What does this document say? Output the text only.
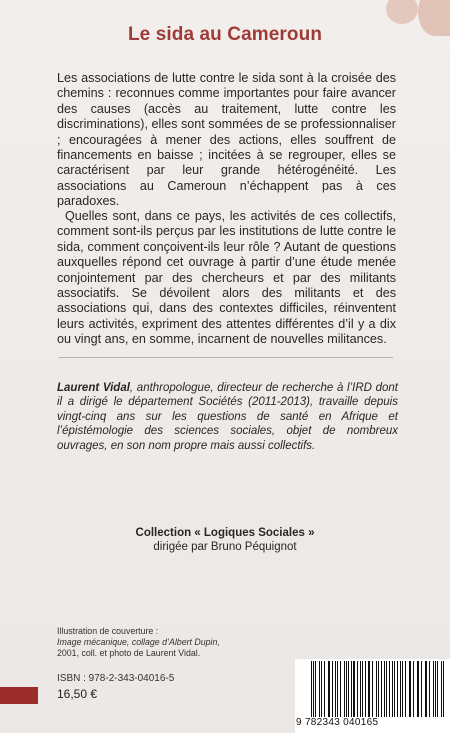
Le sida au Cameroun

Les associations de lutte contre le sida sont à la croisée des chemins : reconnues comme importantes pour faire avancer des causes (accès au traitement, lutte contre les discriminations), elles sont sommées de se professionnaliser ; encouragées à mener des actions, elles souffrent de financements en baisse ; incitées à se regrouper, elles se caractérisent par leur grande hétérogénéité. Les associations au Cameroun n’échappent pas à ces paradoxes.

Quelles sont, dans ce pays, les activités de ces collectifs, comment sont-ils perçus par les institutions de lutte contre le sida, comment conçoivent-ils leur rôle ? Autant de questions auxquelles répond cet ouvrage à partir d’une étude menée conjointement par des chercheurs et par des militants associatifs. Se dévoilent alors des militants et des associations qui, dans des contextes difficiles, réinventent leurs activités, expriment des attentes différentes d’il y a dix ou vingt ans, en somme, incarnent de nouvelles militances.

Laurent Vidal, anthropologue, directeur de recherche à l’IRD dont il a dirigé le département Sociétés (2011-2013), travaille depuis vingt-cinq ans sur les questions de santé en Afrique et l’épistémologie des sciences sociales, objet de nombreux ouvrages, en son nom propre mais aussi collectifs.

Collection « Logiques Sociales »
dirigée par Bruno Péquignot
Illustration de couverture :
Image mécanique, collage d’Albert Dupin,
2001, coll. et photo de Laurent Vidal.
ISBN : 978-2-343-04016-5
16,50 €
9 782343 040165
